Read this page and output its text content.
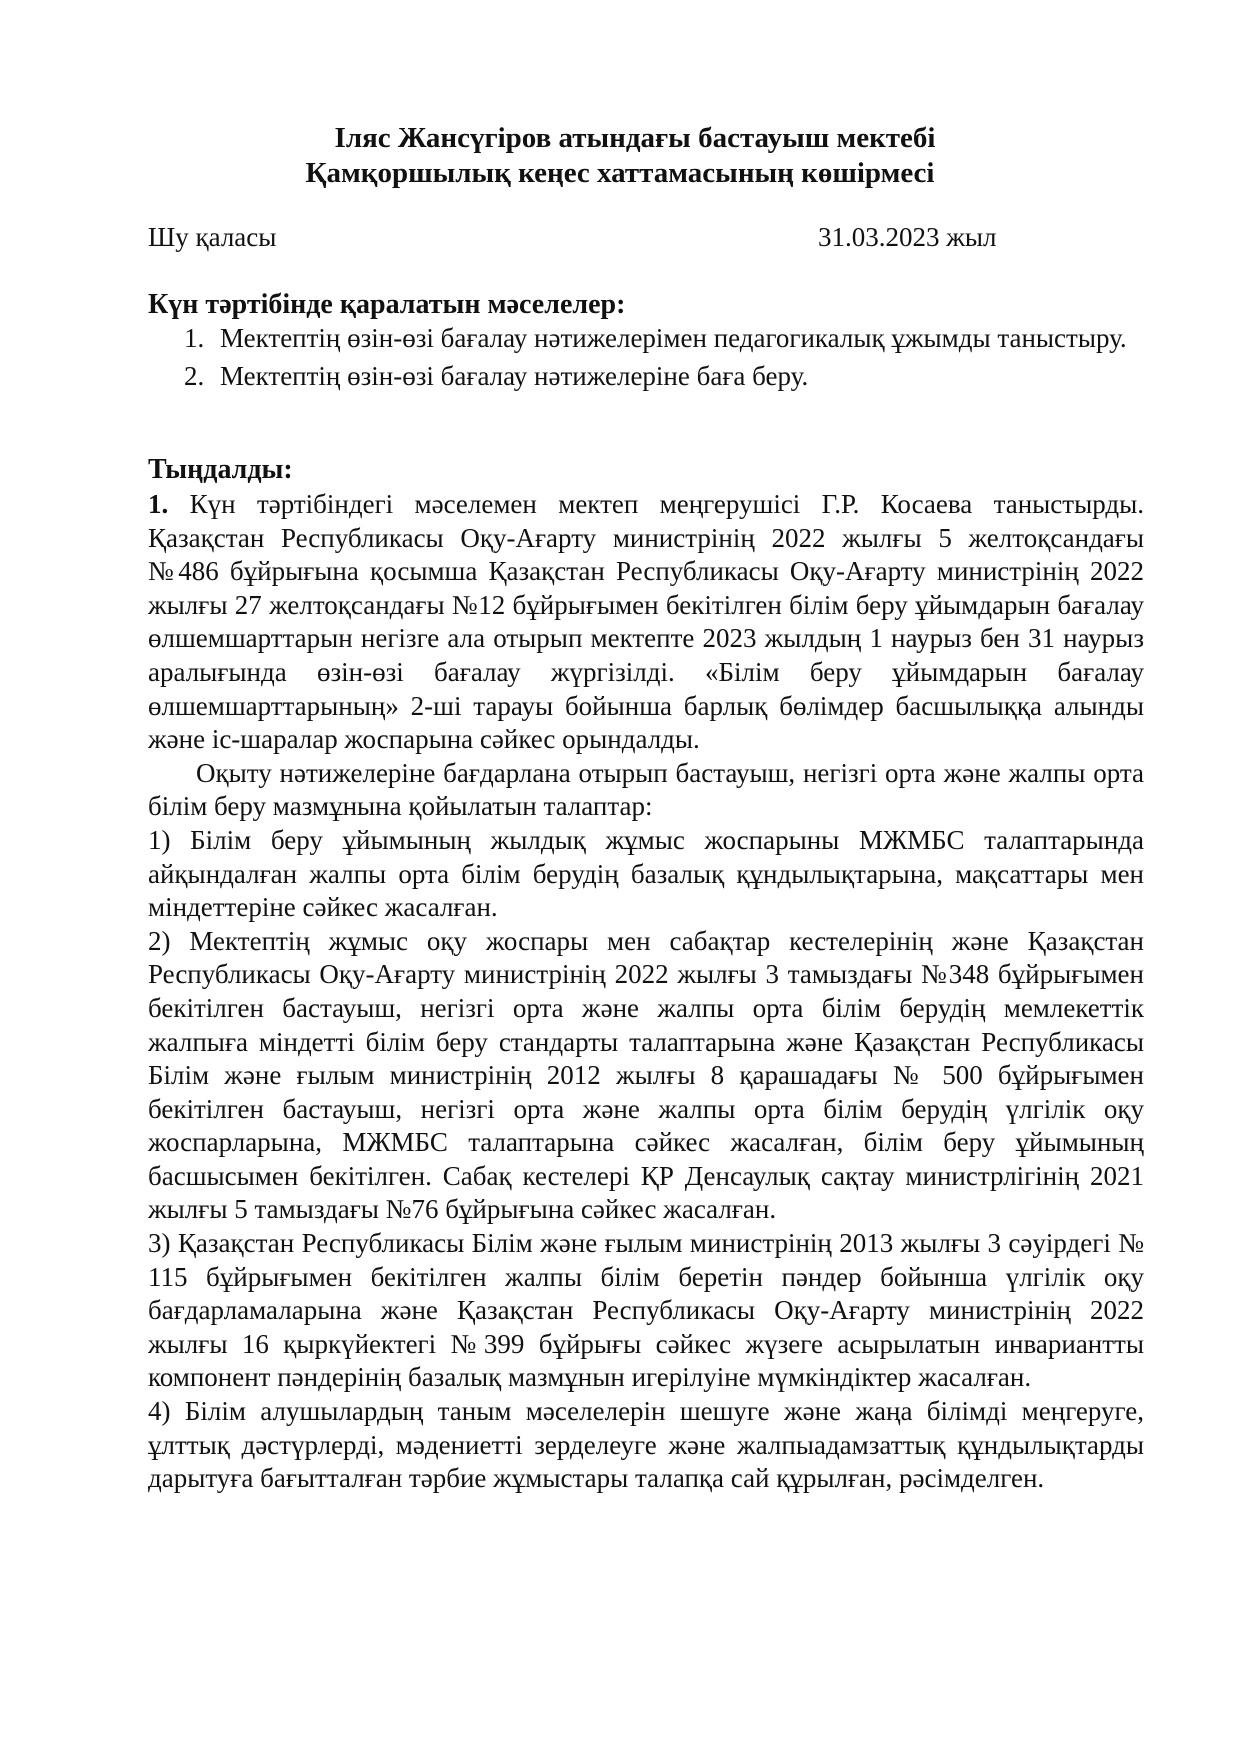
Іляс Жансүгіров атындағы бастауыш мектебі
Қамқоршылық кеңес хаттамасының көшірмесі
Шу қаласы	31.03.2023 жыл
Күн тәртібінде қаралатын мәселелер:
1. Мектептің өзін-өзі бағалау нәтижелерімен педагогикалық ұжымды таныстыру.
2. Мектептің өзін-өзі бағалау нәтижелеріне баға беру.
Тыңдалды:

1. Күн тәртібіндегі мәселемен мектеп меңгерушісі Г.Р. Косаева таныстырды. Қазақстан Республикасы Оқу-Ағарту министрінің 2022 жылғы 5 желтоқсандағы №486 бұйрығына қосымша Қазақстан Республикасы Оқу-Ағарту министрінің 2022 жылғы 27 желтоқсандағы №12 бұйрығымен бекітілген білім беру ұйымдарын бағалау өлшемшарттарын негізге ала отырып мектепте 2023 жылдың 1 наурыз бен 31 наурыз аралығында өзін-өзі бағалау жүргізілді. «Білім беру ұйымдарын бағалау өлшемшарттарының» 2-ші тарауы бойынша барлық бөлімдер басшылыққа алынды және іс-шаралар жоспарына сәйкес орындалды.

Оқыту нәтижелеріне бағдарлана отырып бастауыш, негізгі орта және жалпы орта білім беру мазмұнына қойылатын талаптар:

1) Білім беру ұйымының жылдық жұмыс жоспарыны МЖМБС талаптарында айқындалған жалпы орта білім берудің базалық құндылықтарына, мақсаттары мен міндеттеріне сәйкес жасалған.

2) Мектептің жұмыс оқу жоспары мен сабақтар кестелерінің және Қазақстан Республикасы Оқу-Ағарту министрінің 2022 жылғы 3 тамыздағы №348 бұйрығымен бекітілген бастауыш, негізгі орта және жалпы орта білім берудің мемлекеттік жалпыға міндетті білім беру стандарты талаптарына және Қазақстан Республикасы Білім және ғылым министрінің 2012 жылғы 8 қарашадағы № 500 бұйрығымен бекітілген бастауыш, негізгі орта және жалпы орта білім берудің үлгілік оқу жоспарларына, МЖМБС талаптарына сәйкес жасалған, білім беру ұйымының басшысымен бекітілген. Сабақ кестелері ҚР Денсаулық сақтау министрлігінің 2021 жылғы 5 тамыздағы №76 бұйрығына сәйкес жасалған.

3) Қазақстан Республикасы Білім және ғылым министрінің 2013 жылғы 3 сәуірдегі № 115 бұйрығымен бекітілген жалпы білім беретін пәндер бойынша үлгілік оқу бағдарламаларына және Қазақстан Республикасы Оқу-Ағарту министрінің 2022 жылғы 16 қыркүйектегі №399 бұйрығы сәйкес жүзеге асырылатын инвариантты компонент пәндерінің базалық мазмұнын игерілуіне мүмкіндіктер жасалған.

4) Білім алушылардың таным мәселелерін шешуге және жаңа білімді меңгеруге, ұлттық дәстүрлерді, мәдениетті зерделеуге және жалпыадамзаттық құндылықтарды дарытуға бағытталған тәрбие жұмыстары талапқа сай құрылған, рәсімделген.
